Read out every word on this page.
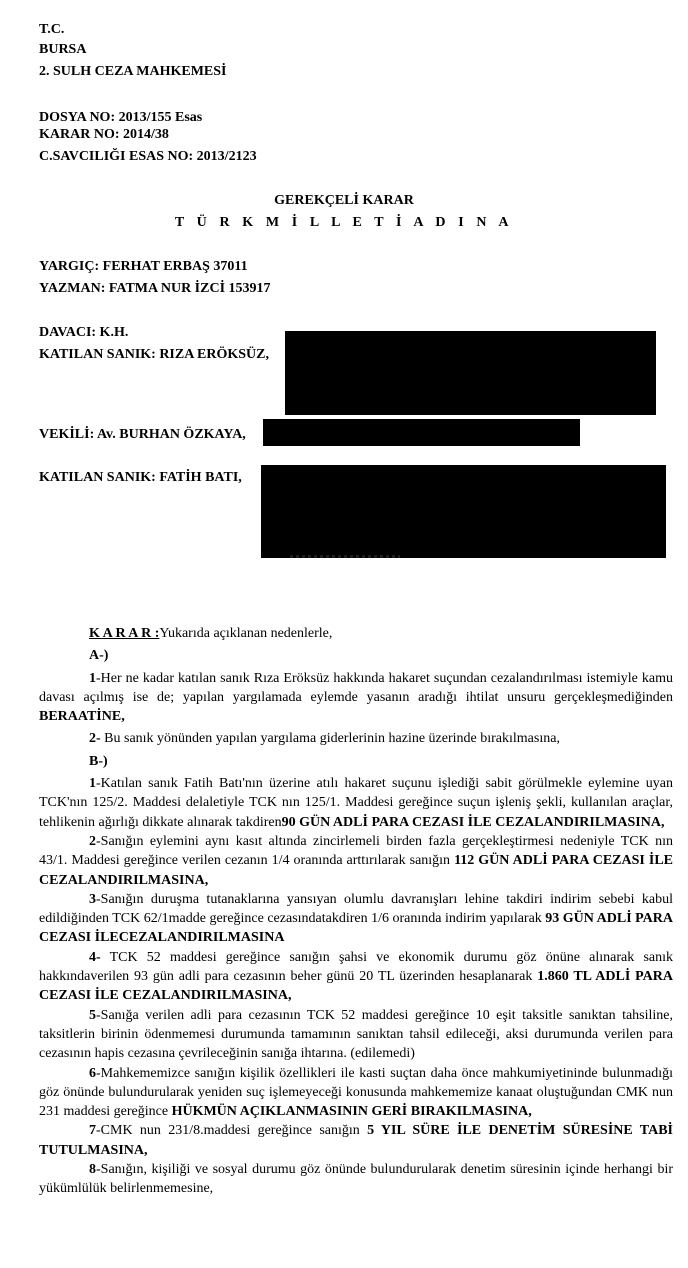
T.C.
BURSA
2. SULH CEZA MAHKEMESİ
DOSYA NO: 2013/155 Esas
KARAR NO: 2014/38
C.SAVCILIĞI ESAS NO: 2013/2123
GEREKÇELİ KARAR
T Ü R K M İ L L E T İ A D I N A
YARGIÇ: FERHAT ERBAŞ 37011
YAZMAN: FATMA NUR İZCİ 153917
DAVACI: K.H.
KATILAN SANIK: RIZA ERÖKSÜZ,
VEKİLİ: Av. BURHAN ÖZKAYA,
KATILAN SANIK: FATİH BATI,

K A R A R :Yukarıda açıklanan nedenlerle,

A-)

1-Her ne kadar katılan sanık Rıza Eröksüz hakkında hakaret suçundan cezalandırılması istemiyle kamu davası açılmış ise de; yapılan yargılamada eylemde yasanın aradığı ihtilat unsuru gerçekleşmediğinden BERAATİNE,

2- Bu sanık yönünden yapılan yargılama giderlerinin hazine üzerinde bırakılmasına,

B-)

1-Katılan sanık Fatih Batı'nın üzerine atılı hakaret suçunu işlediği sabit görülmekle eylemine uyan TCK'nın 125/2. Maddesi delaletiyle TCK nın 125/1. Maddesi gereğince suçun işleniş şekli, kullanılan araçlar, tehlikenin ağırlığı dikkate alınarak takdiren90 GÜN ADLİ PARA CEZASI İLE CEZALANDIRILMASINA,

2-Sanığın eylemini aynı kasıt altında zincirlemeli birden fazla gerçekleştirmesi nedeniyle TCK nın 43/1. Maddesi gereğince verilen cezanın 1/4 oranında arttırılarak sanığın 112 GÜN ADLİ PARA CEZASI İLE CEZALANDIRILMASINA,

3-Sanığın duruşma tutanaklarına yansıyan olumlu davranışları lehine takdiri indirim sebebi kabul edildiğinden TCK 62/1madde gereğince cezasındatakdiren 1/6 oranında indirim yapılarak 93 GÜN ADLİ PARA CEZASI İLECEZALANDIRILMASINA

4- TCK 52 maddesi gereğince sanığın şahsi ve ekonomik durumu göz önüne alınarak sanık hakkındaverilen 93 gün adli para cezasının beher günü 20 TL üzerinden hesaplanarak 1.860 TL ADLİ PARA CEZASI İLE CEZALANDIRILMASINA,

5-Sanığa verilen adli para cezasının TCK 52 maddesi gereğince 10 eşit taksitle sanıktan tahsiline, taksitlerin birinin ödenmemesi durumunda tamamının sanıktan tahsil edileceği, aksi durumunda verilen para cezasının hapis cezasına çevrileceğinin sanığa ihtarına. (edilemedi)

6-Mahkememizce sanığın kişilik özellikleri ile kasti suçtan daha önce mahkumiyetininde bulunmadığı göz önünde bulundurularak yeniden suç işlemeyeceği konusunda mahkememize kanaat oluştuğundan CMK nun 231 maddesi gereğince HÜKMÜN AÇIKLANMASININ GERİ BIRAKILMASINA,

7-CMK nun 231/8.maddesi gereğince sanığın 5 YIL SÜRE İLE DENETİM SÜRESİNE TABİ TUTULMASINA,

8-Sanığın, kişiliği ve sosyal durumu göz önünde bulundurularak denetim süresinin içinde herhangi bir yükümlülük belirlenmemesine,
